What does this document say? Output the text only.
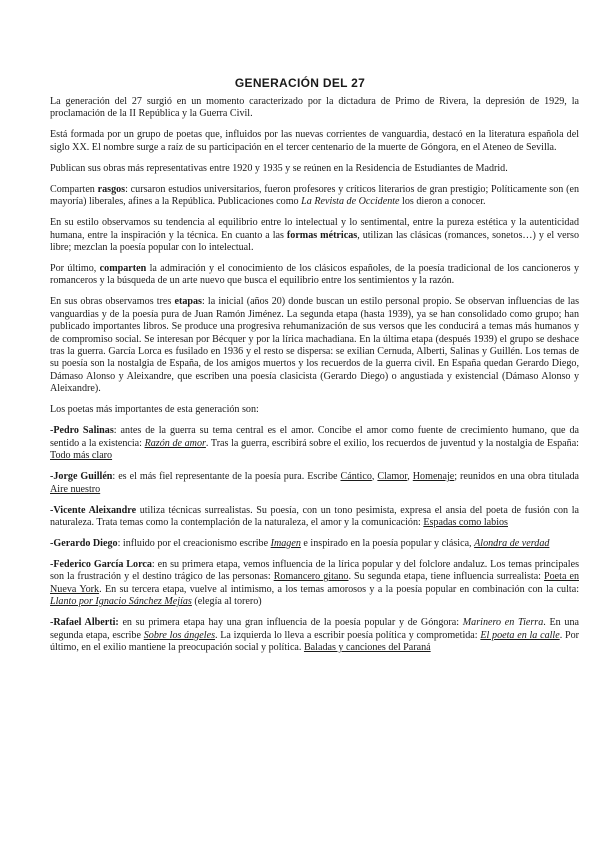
GENERACIÓN DEL 27

La generación del 27 surgió en un momento caracterizado por la dictadura de Primo de Rivera, la depresión de 1929, la proclamación de la II República y la Guerra Civil.

Está formada por un grupo de poetas que, influidos por las nuevas corrientes de vanguardia, destacó en la literatura española del siglo XX. El nombre surge a raíz de su participación en el tercer centenario de la muerte de Góngora, en el Ateneo de Sevilla.

Publican sus obras más representativas entre 1920 y 1935 y se reúnen en la Residencia de Estudiantes de Madrid.

Comparten rasgos: cursaron estudios universitarios, fueron profesores y críticos literarios de gran prestigio; Políticamente son (en mayoría) liberales, afines a la República. Publicaciones como La Revista de Occidente los dieron a conocer.

En su estilo observamos su tendencia al equilibrio entre lo intelectual y lo sentimental, entre la pureza estética y la autenticidad humana, entre la inspiración y la técnica. En cuanto a las formas métricas, utilizan las clásicas (romances, sonetos…) y el verso libre; mezclan la poesía popular con lo intelectual.

Por último, comparten la admiración y el conocimiento de los clásicos españoles, de la poesía tradicional de los cancioneros y romanceros y la búsqueda de un arte nuevo que busca el equilibrio entre los sentimientos y la razón.

En sus obras observamos tres etapas: la inicial (años 20) donde buscan un estilo personal propio. Se observan influencias de las vanguardias y de la poesía pura de Juan Ramón Jiménez. La segunda etapa (hasta 1939), ya se han consolidado como grupo; han publicado importantes libros. Se produce una progresiva rehumanización de sus versos que les conducirá a temas más humanos y de compromiso social. Se interesan por Bécquer y por la lírica machadiana. En la última etapa (después 1939) el grupo se deshace tras la guerra. García Lorca es fusilado en 1936 y el resto se dispersa: se exilian Cernuda, Alberti, Salinas y Guillén. Los temas de su poesía son la nostalgia de España, de los amigos muertos y los recuerdos de la guerra civil. En España quedan Gerardo Diego, Dámaso Alonso y Aleixandre, que escriben una poesía clasicista (Gerardo Diego) o angustiada y existencial (Dámaso Alonso y Aleixandre).

Los poetas más importantes de esta generación son:

-Pedro Salinas: antes de la guerra su tema central es el amor. Concibe el amor como fuente de crecimiento humano, que da sentido a la existencia: Razón de amor. Tras la guerra, escribirá sobre el exilio, los recuerdos de juventud y la nostalgia de España: Todo más claro

-Jorge Guillén: es el más fiel representante de la poesía pura. Escribe Cántico, Clamor, Homenaje; reunidos en una obra titulada Aire nuestro

-Vicente Aleixandre utiliza técnicas surrealistas. Su poesía, con un tono pesimista, expresa el ansia del poeta de fusión con la naturaleza. Trata temas como la contemplación de la naturaleza, el amor y la comunicación: Espadas como labios

-Gerardo Diego: influido por el creacionismo escribe Imagen e inspirado en la poesía popular y clásica, Alondra de verdad

-Federico García Lorca: en su primera etapa, vemos influencia de la lírica popular y del folclore andaluz. Los temas principales son la frustración y el destino trágico de las personas: Romancero gitano. Su segunda etapa, tiene influencia surrealista: Poeta en Nueva York. En su tercera etapa, vuelve al intimismo, a los temas amorosos y a la poesía popular en combinación con la culta: Llanto por Ignacio Sánchez Mejías (elegía al torero)

-Rafael Alberti: en su primera etapa hay una gran influencia de la poesía popular y de Góngora: Marinero en Tierra. En una segunda etapa, escribe Sobre los ángeles. La izquierda lo lleva a escribir poesía política y comprometida: El poeta en la calle. Por último, en el exilio mantiene la preocupación social y política. Baladas y canciones del Paraná
